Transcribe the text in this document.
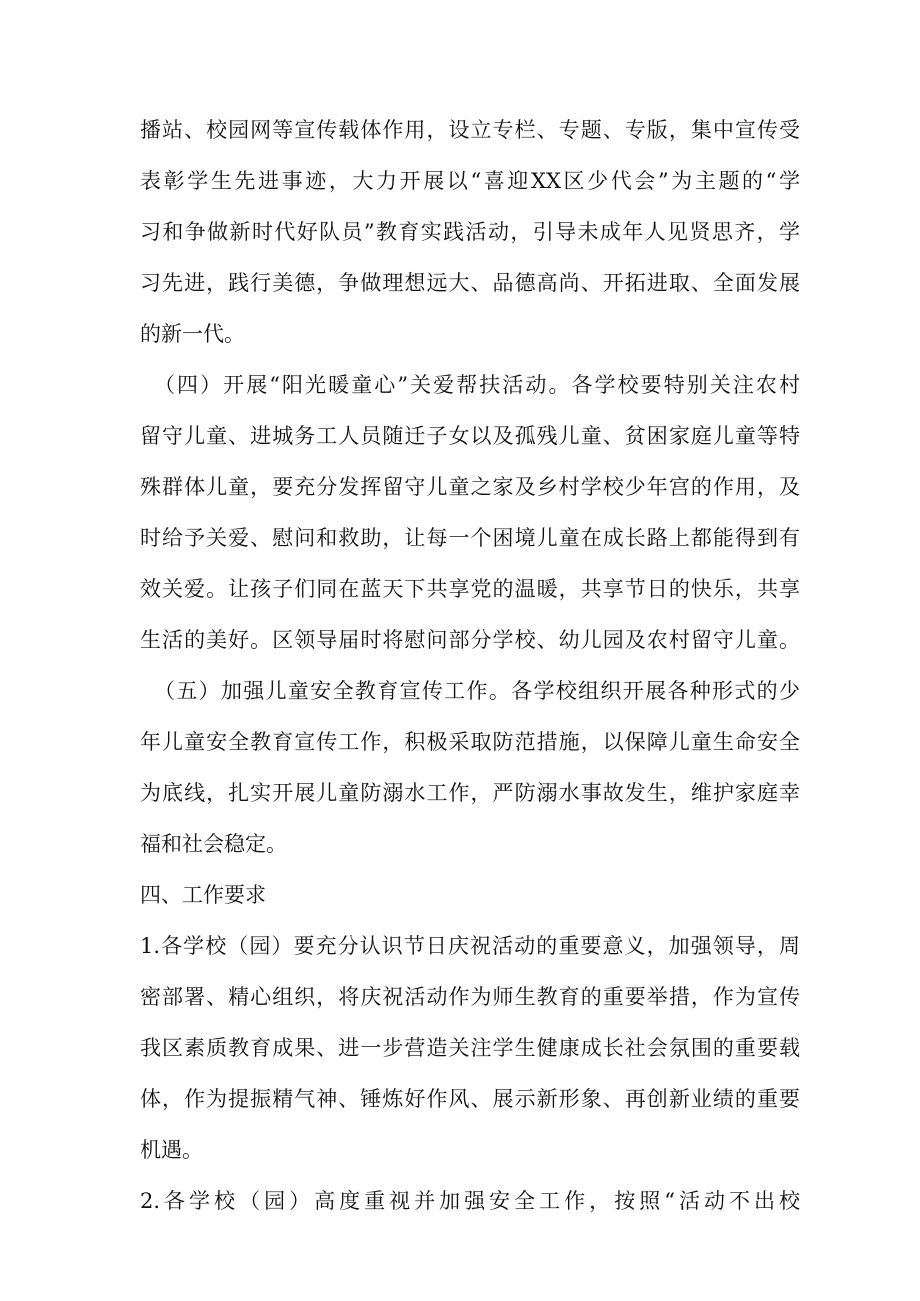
播站、校园网等宣传载体作用，设立专栏、专题、专版，集中宣传受
表彰学生先进事迹，大力开展以“喜迎XX区少代会”为主题的“学
习和争做新时代好队员”教育实践活动，引导未成年人见贤思齐，学
习先进，践行美德，争做理想远大、品德高尚、开拓进取、全面发展
的新一代。
（四）开展“阳光暖童心”关爱帮扶活动。各学校要特别关注农村
留守儿童、进城务工人员随迁子女以及孤残儿童、贫困家庭儿童等特
殊群体儿童，要充分发挥留守儿童之家及乡村学校少年宫的作用，及
时给予关爱、慰问和救助，让每一个困境儿童在成长路上都能得到有
效关爱。让孩子们同在蓝天下共享党的温暖，共享节日的快乐，共享
生活的美好。区领导届时将慰问部分学校、幼儿园及农村留守儿童。
（五）加强儿童安全教育宣传工作。各学校组织开展各种形式的少
年儿童安全教育宣传工作，积极采取防范措施，以保障儿童生命安全
为底线，扎实开展儿童防溺水工作，严防溺水事故发生，维护家庭幸
福和社会稳定。
四、工作要求
1.各学校（园）要充分认识节日庆祝活动的重要意义，加强领导，周
密部署、精心组织，将庆祝活动作为师生教育的重要举措，作为宣传
我区素质教育成果、进一步营造关注学生健康成长社会氛围的重要载
体，作为提振精气神、锤炼好作风、展示新形象、再创新业绩的重要
机遇。
2.各学校（园）高度重视并加强安全工作，按照“活动不出校
